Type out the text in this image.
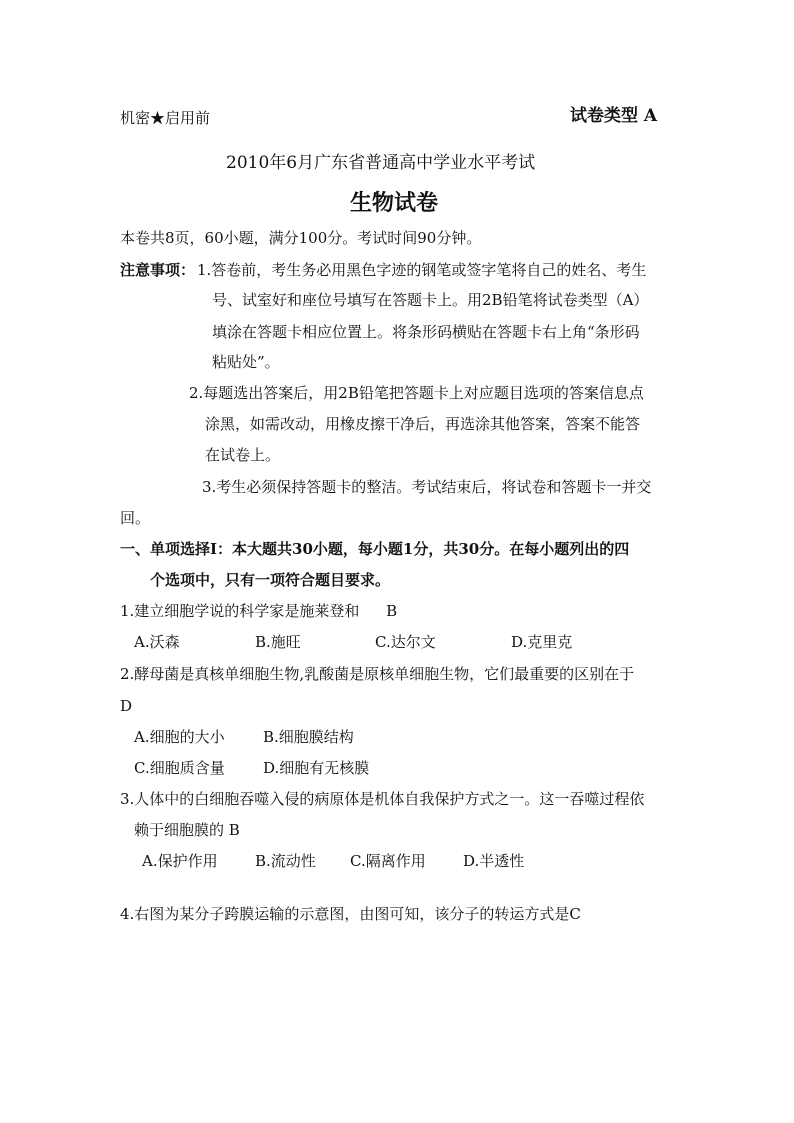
机密★启用前	试卷类型 A
2010年6月广东省普通高中学业水平考试
生物试卷
本卷共8页，60小题，满分100分。考试时间90分钟。
注意事项： 1.答卷前，考生务必用黑色字迹的钢笔或签字笔将自己的姓名、考生
号、试室好和座位号填写在答题卡上。用2B铅笔将试卷类型（A）
填涂在答题卡相应位置上。将条形码横贴在答题卡右上角“条形码
粘贴处”。
2.每题选出答案后，用2B铅笔把答题卡上对应题目选项的答案信息点
涂黑，如需改动，用橡皮擦干净后，再选涂其他答案，答案不能答
在试卷上。
3.考生必须保持答题卡的整洁。考试结束后，将试卷和答题卡一并交
回。
一、单项选择Ⅰ：本大题共30小题，每小题1分，共30分。在每小题列出的四
个选项中，只有一项符合题目要求。
1.建立细胞学说的科学家是施莱登和 B
A.沃森	B.施旺	C.达尔文	D.克里克
2.酵母菌是真核单细胞生物,乳酸菌是原核单细胞生物，它们最重要的区别在于
D
A.细胞的大小	B.细胞膜结构
C.细胞质含量	D.细胞有无核膜
3.人体中的白细胞吞噬入侵的病原体是机体自我保护方式之一。这一吞噬过程依
赖于细胞膜的 B
A.保护作用 B.流动性 C.隔离作用 D.半透性
4.右图为某分子跨膜运输的示意图，由图可知，该分子的转运方式是C
